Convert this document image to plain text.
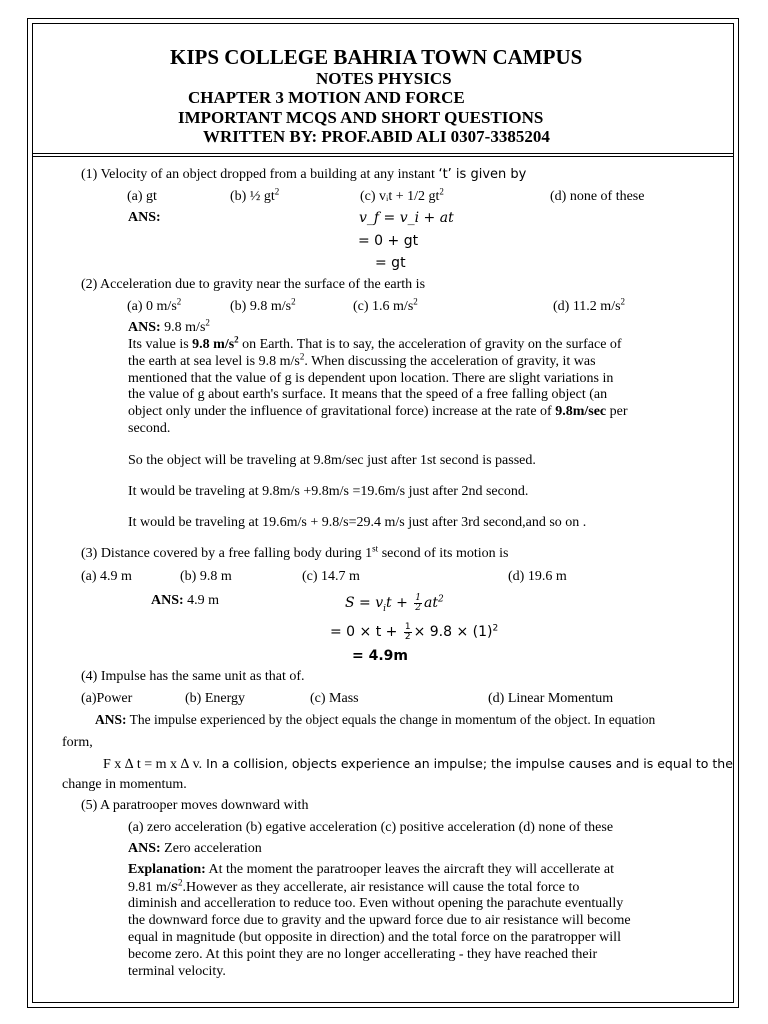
KIPS COLLEGE BAHRIA TOWN CAMPUS
NOTES PHYSICS
CHAPTER 3 MOTION AND FORCE
IMPORTANT MCQS AND SHORT QUESTIONS
WRITTEN BY: PROF.ABID ALI 0307-3385204
(1) Velocity of an object dropped from a building at any instant ‘t’ is given by
(a) gt	(b) ½ $gt^2$	(c) vᵢt + 1/2 $gt^2$	(d) none of these
ANS:	v_f = v_i + at
= 0 + gt
= gt
(2) Acceleration due to gravity near the surface of the earth is
(a) 0 $m/s^2$	(b) 9.8 $m/s^2$	(c) 1.6 $m/s^2$	(d) 11.2 $m/s^2$
ANS: 9.8 $m/s^2$
Its value is 9.8 $m/s^2$ on Earth. That is to say, the acceleration of gravity on the surface of
the earth at sea level is 9.8 $m/s^2$. When discussing the acceleration of gravity, it was
mentioned that the value of g is dependent upon location. There are slight variations in
the value of g about earth's surface. It means that the speed of a free falling object (an
object only under the influence of gravitational force) increase at the rate of 9.8m/sec per
second.
So the object will be traveling at 9.8m/sec just after 1st second is passed.
It would be traveling at 9.8m/s +9.8m/s =19.6m/s just after 2nd second.
It would be traveling at 19.6m/s + 9.8/s=29.4 m/s just after 3rd second,and so on .
(3) Distance covered by a free falling body during 1st second of its motion is
(a) 4.9 m	(b) 9.8 m	(c) 14.7 m	(d) 19.6 m
ANS: 4.9 m	$S = v_it + \frac{1}{2} at^2$
= $0 \times t + \frac{1}{2} \times 9.8 \times (1)^2$
= 4.9m
(4) Impulse has the same unit as that of.
(a)Power	(b) Energy	(c) Mass	(d) Linear Momentum
ANS: The impulse experienced by the object equals the change in momentum of the object. In equation
form,
F x ∆ t = m x ∆ v. In a collision, objects experience an impulse; the impulse causes and is equal to the
change in momentum.
(5) A paratrooper moves downward with
(a) zero acceleration (b) egative acceleration (c) positive acceleration (d) none of these
ANS: Zero acceleration
Explanation: At the moment the paratrooper leaves the aircraft they will accellerate at
9.81 $m/s^2.However$ as they accellerate, air resistance will cause the total force to
diminish and accelleration to reduce too. Even without opening the parachute eventually
the downward force due to gravity and the upward force due to air resistance will become
equal in magnitude (but opposite in direction) and the total force on the paratropper will
become zero. At this point they are no longer accellerating - they have reached their
terminal velocity.
